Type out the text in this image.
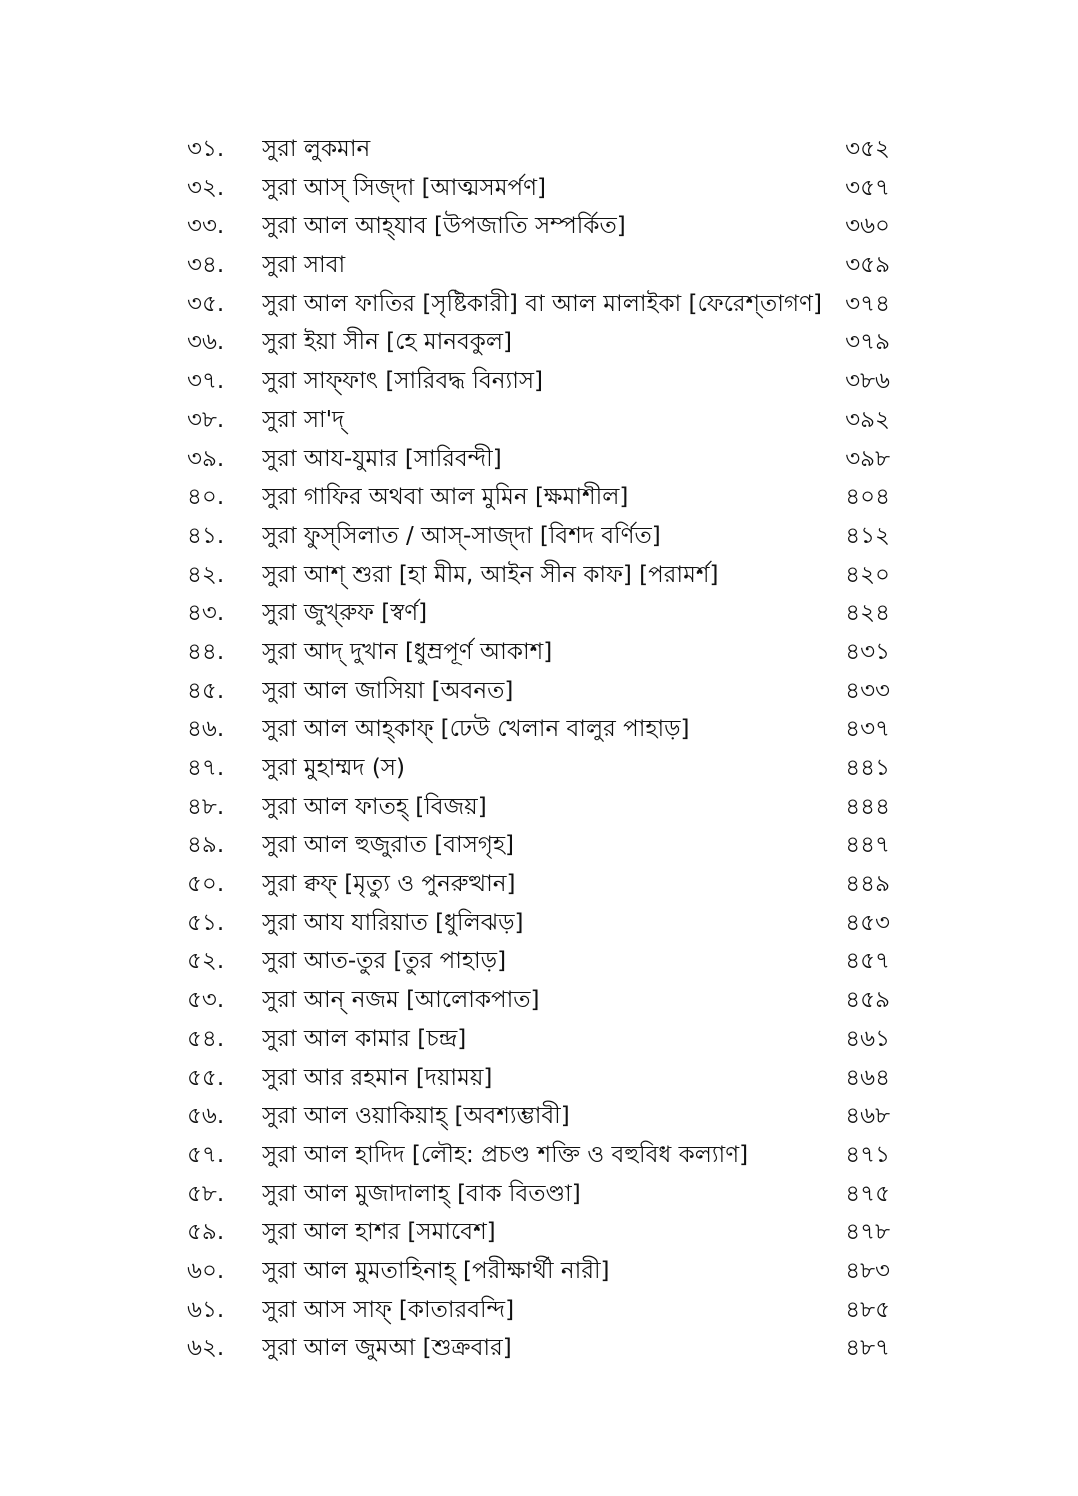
৩১.	সুরা লুকমান	৩৫২
৩২.	সুরা আস্ সিজ্‌দা [আত্মসমর্পণ]	৩৫৭
৩৩.	সুরা আল আহ্‌যাব [উপজাতি সম্পর্কিত]	৩৬০
৩৪.	সুরা সাবা	৩৫৯
৩৫.	সুরা আল ফাতির [সৃষ্টিকারী] বা আল মালাইকা [ফেরেশ্‌তাগণ]	৩৭৪
৩৬.	সুরা ইয়া সীন [হে মানবকুল]	৩৭৯
৩৭.	সুরা সাফ্‌ফাৎ [সারিবদ্ধ বিন্যাস]	৩৮৬
৩৮.	সুরা সা'দ্	৩৯২
৩৯.	সুরা আয-যুমার [সারিবন্দী]	৩৯৮
৪০.	সুরা গাফির অথবা আল মুমিন [ক্ষমাশীল]	৪০৪
৪১.	সুরা ফুস্‌সিলাত / আস্-সাজ্‌দা [বিশদ বর্ণিত]	৪১২
৪২.	সুরা আশ্ শুরা [হা মীম, আইন সীন কাফ] [পরামর্শ]	৪২০
৪৩.	সুরা জুখ্‌রুফ [স্বর্ণ]	৪২৪
৪৪.	সুরা আদ্ দুখান [ধুম্রপূর্ণ আকাশ]	৪৩১
৪৫.	সুরা আল জাসিয়া [অবনত]	৪৩৩
৪৬.	সুরা আল আহ্‌কাফ্ [ঢেউ খেলান বালুর পাহাড়]	৪৩৭
৪৭.	সুরা মুহাম্মদ (স)	৪৪১
৪৮.	সুরা আল ফাতহ্ [বিজয়]	৪৪৪
৪৯.	সুরা আল হুজুরাত [বাসগৃহ]	৪৪৭
৫০.	সুরা ক্বফ্ [মৃত্যু ও পুনরুত্থান]	৪৪৯
৫১.	সুরা আয যারিয়াত [ধুলিঝড়]	৪৫৩
৫২.	সুরা আত-তুর [তুর পাহাড়]	৪৫৭
৫৩.	সুরা আন্ নজম [আলোকপাত]	৪৫৯
৫৪.	সুরা আল কামার [চন্দ্র]	৪৬১
৫৫.	সুরা আর রহমান [দয়াময়]	৪৬৪
৫৬.	সুরা আল ওয়াকিয়াহ্ [অবশ্যম্ভাবী]	৪৬৮
৫৭.	সুরা আল হাদিদ [লৌহ: প্রচণ্ড শক্তি ও বহুবিধ কল্যাণ]	৪৭১
৫৮.	সুরা আল মুজাদালাহ্ [বাক বিতণ্ডা]	৪৭৫
৫৯.	সুরা আল হাশর [সমাবেশ]	৪৭৮
৬০.	সুরা আল মুমতাহিনাহ্ [পরীক্ষার্থী নারী]	৪৮৩
৬১.	সুরা আস সাফ্ [কাতারবন্দি]	৪৮৫
৬২.	সুরা আল জুমআ [শুক্রবার]	৪৮৭
